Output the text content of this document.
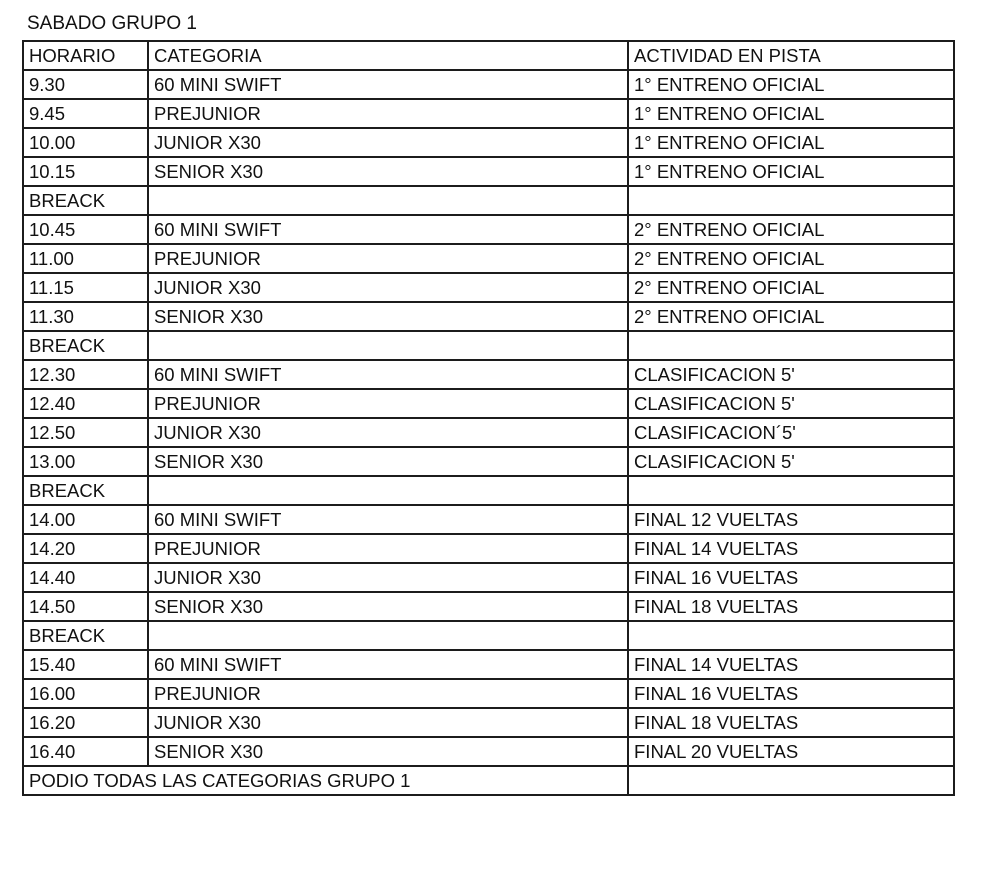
SABADO GRUPO 1
HORARIO	CATEGORIA	ACTIVIDAD EN PISTA
9.30	60 MINI SWIFT	1° ENTRENO OFICIAL
9.45	PREJUNIOR	1° ENTRENO OFICIAL
10.00	JUNIOR X30	1° ENTRENO OFICIAL
10.15	SENIOR X30	1° ENTRENO OFICIAL
BREACK		
10.45	60 MINI SWIFT	2° ENTRENO OFICIAL
11.00	PREJUNIOR	2° ENTRENO OFICIAL
11.15	JUNIOR X30	2° ENTRENO OFICIAL
11.30	SENIOR X30	2° ENTRENO OFICIAL
BREACK		
12.30	60 MINI SWIFT	CLASIFICACION 5'
12.40	PREJUNIOR	CLASIFICACION 5'
12.50	JUNIOR X30	CLASIFICACION´5'
13.00	SENIOR X30	CLASIFICACION 5'
BREACK		
14.00	60 MINI SWIFT	FINAL 12 VUELTAS
14.20	PREJUNIOR	FINAL 14 VUELTAS
14.40	JUNIOR X30	FINAL 16 VUELTAS
14.50	SENIOR X30	FINAL 18 VUELTAS
BREACK		
15.40	60 MINI SWIFT	FINAL 14 VUELTAS
16.00	PREJUNIOR	FINAL 16 VUELTAS
16.20	JUNIOR X30	FINAL 18 VUELTAS
16.40	SENIOR X30	FINAL 20 VUELTAS
PODIO TODAS LAS CATEGORIAS GRUPO 1		
